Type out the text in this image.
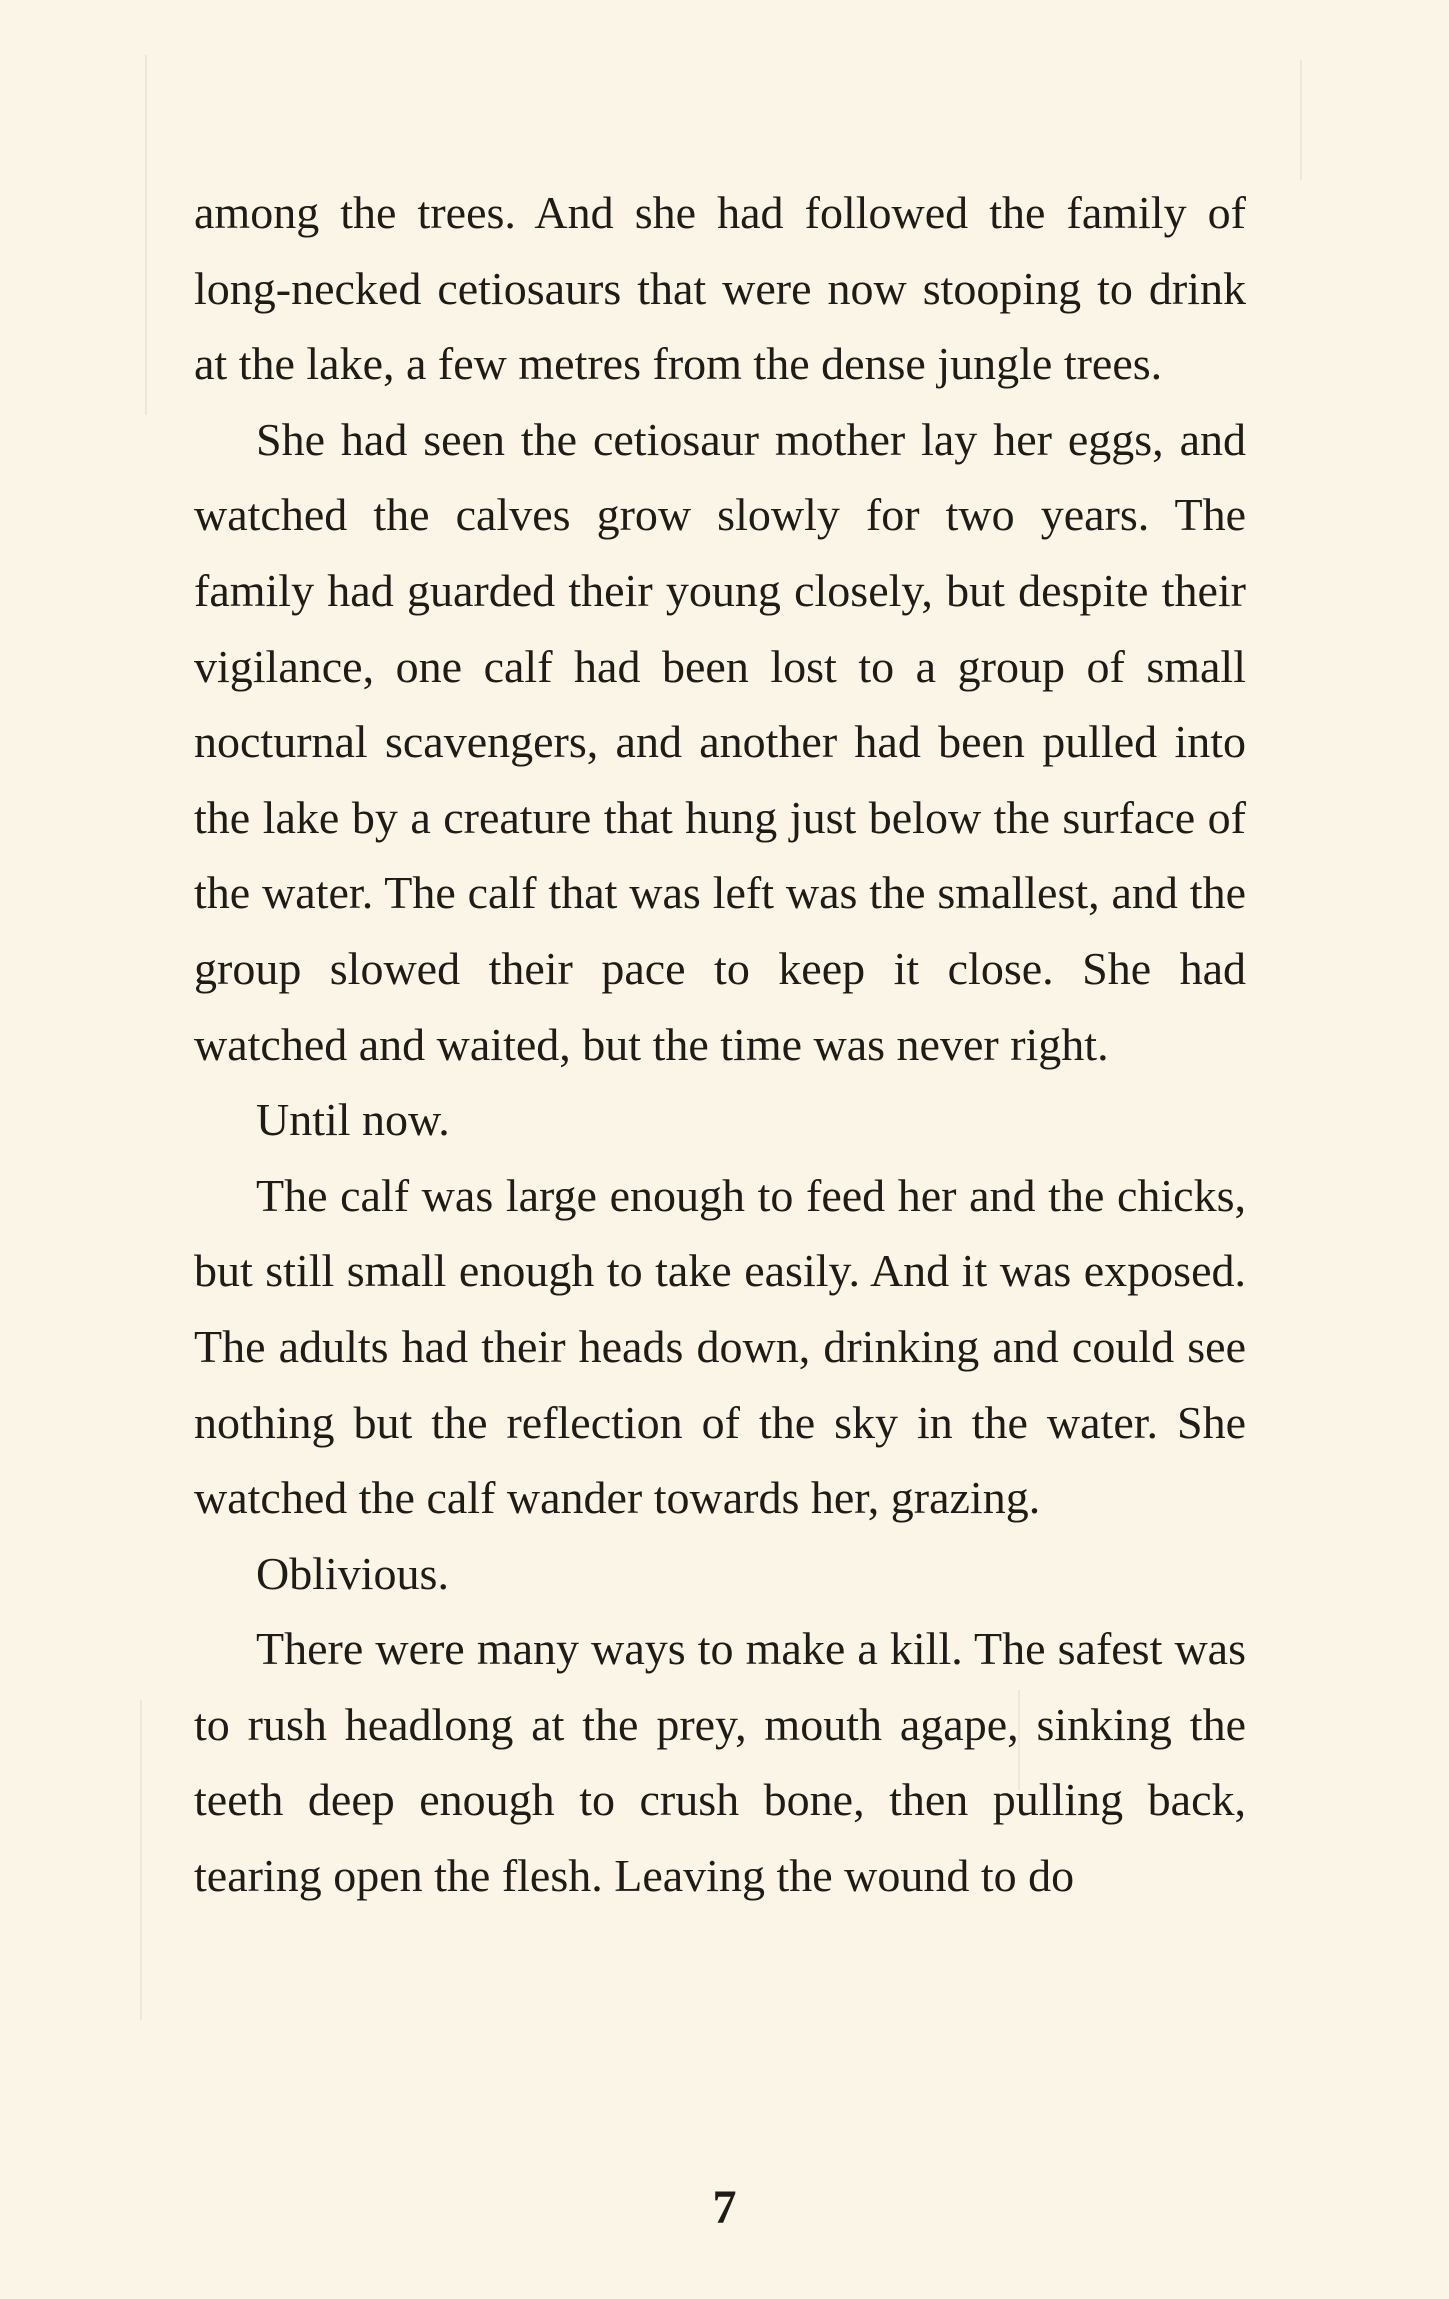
among the trees. And she had followed the family of long-necked cetiosaurs that were now stooping to drink at the lake, a few metres from the dense jungle trees.

She had seen the cetiosaur mother lay her eggs, and watched the calves grow slowly for two years. The family had guarded their young closely, but despite their vigilance, one calf had been lost to a group of small nocturnal scavengers, and another had been pulled into the lake by a creature that hung just below the surface of the water. The calf that was left was the smallest, and the group slowed their pace to keep it close. She had watched and waited, but the time was never right.

Until now.

The calf was large enough to feed her and the chicks, but still small enough to take easily. And it was exposed. The adults had their heads down, drinking and could see nothing but the reflection of the sky in the water. She watched the calf wander towards her, grazing.

Oblivious.

There were many ways to make a kill. The safest was to rush headlong at the prey, mouth agape, sinking the teeth deep enough to crush bone, then pulling back, tearing open the flesh. Leaving the wound to do

7
